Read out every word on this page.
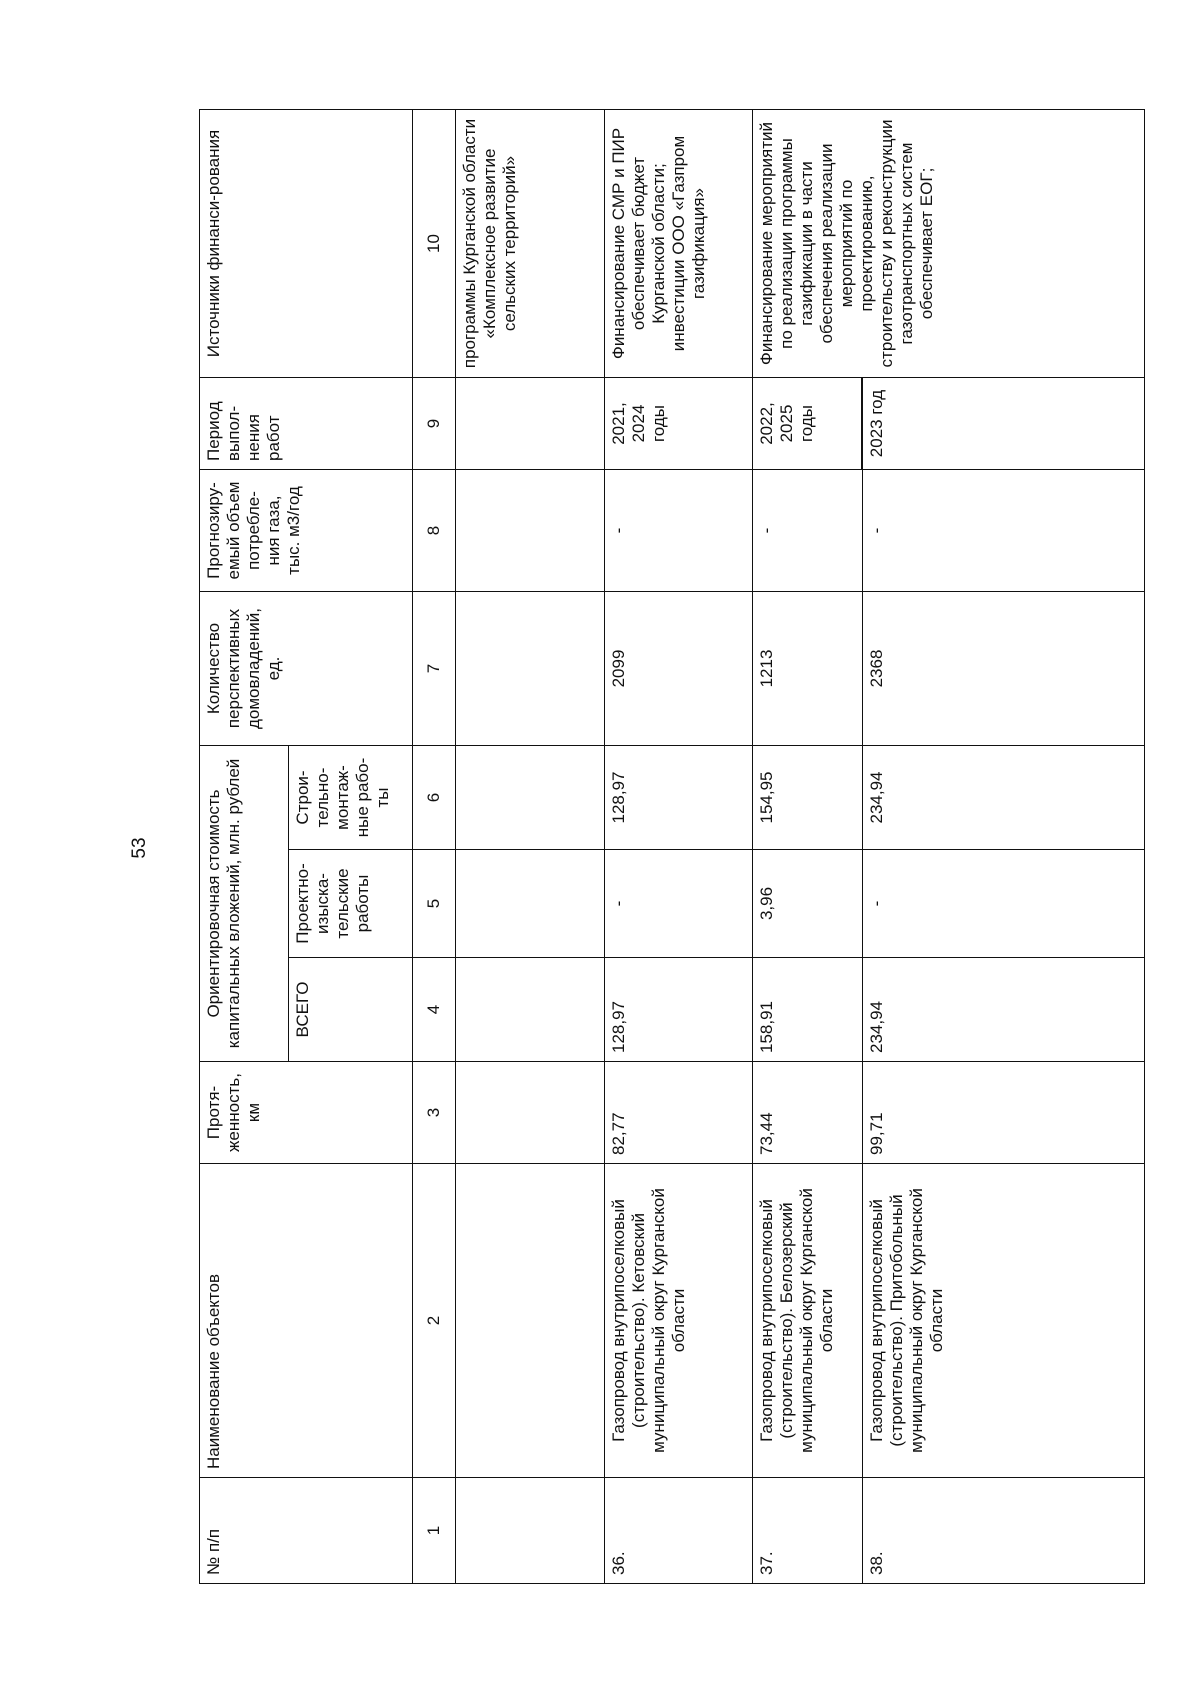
53
№ п/п	Наименование объектов	Протя-женность, км	Ориентировочная стоимость капитальных вложений, млн. рублей			Количество перспективных домовладений, ед.	Прогнозиру-емый объем потребле-ния газа, тыс. м3/год	Период выпол-нения работ	Источники финанси-рования
			ВСЕГО	Проектно-изыска-тельские работы	Строи-тельно-монтаж-ные рабо-ты				
1	2	3	4	5	6	7	8	9	10
									программы Курганской области «Комплексное развитие сельских территорий»
36.	Газопровод внутрипоселковый (строительство). Кетовский муниципальный округ Курганской области	82,77	128,97	-	128,97	2099	-	2021, 2024 годы	Финансирование СМР и ПИР обеспечивает бюджет Курганской области; инвестиции ООО «Газпром газификация»
37.	Газопровод внутрипоселковый (строительство). Белозерский муниципальный округ Курганской области	73,44	158,91	3,96	154,95	1213	-	2022, 2025 годы	Финансирование мероприятий по реализации программы газификации в части обеспечения реализации мероприятий по проектированию, строительству и реконструкции газотранспортных систем обеспечивает ЕОГ;

38.	Газопровод внутрипоселковый (строительство). Притобольный муниципальный округ Курганской области	99,71	234,94	-	234,94	2368	-	2023 год	
